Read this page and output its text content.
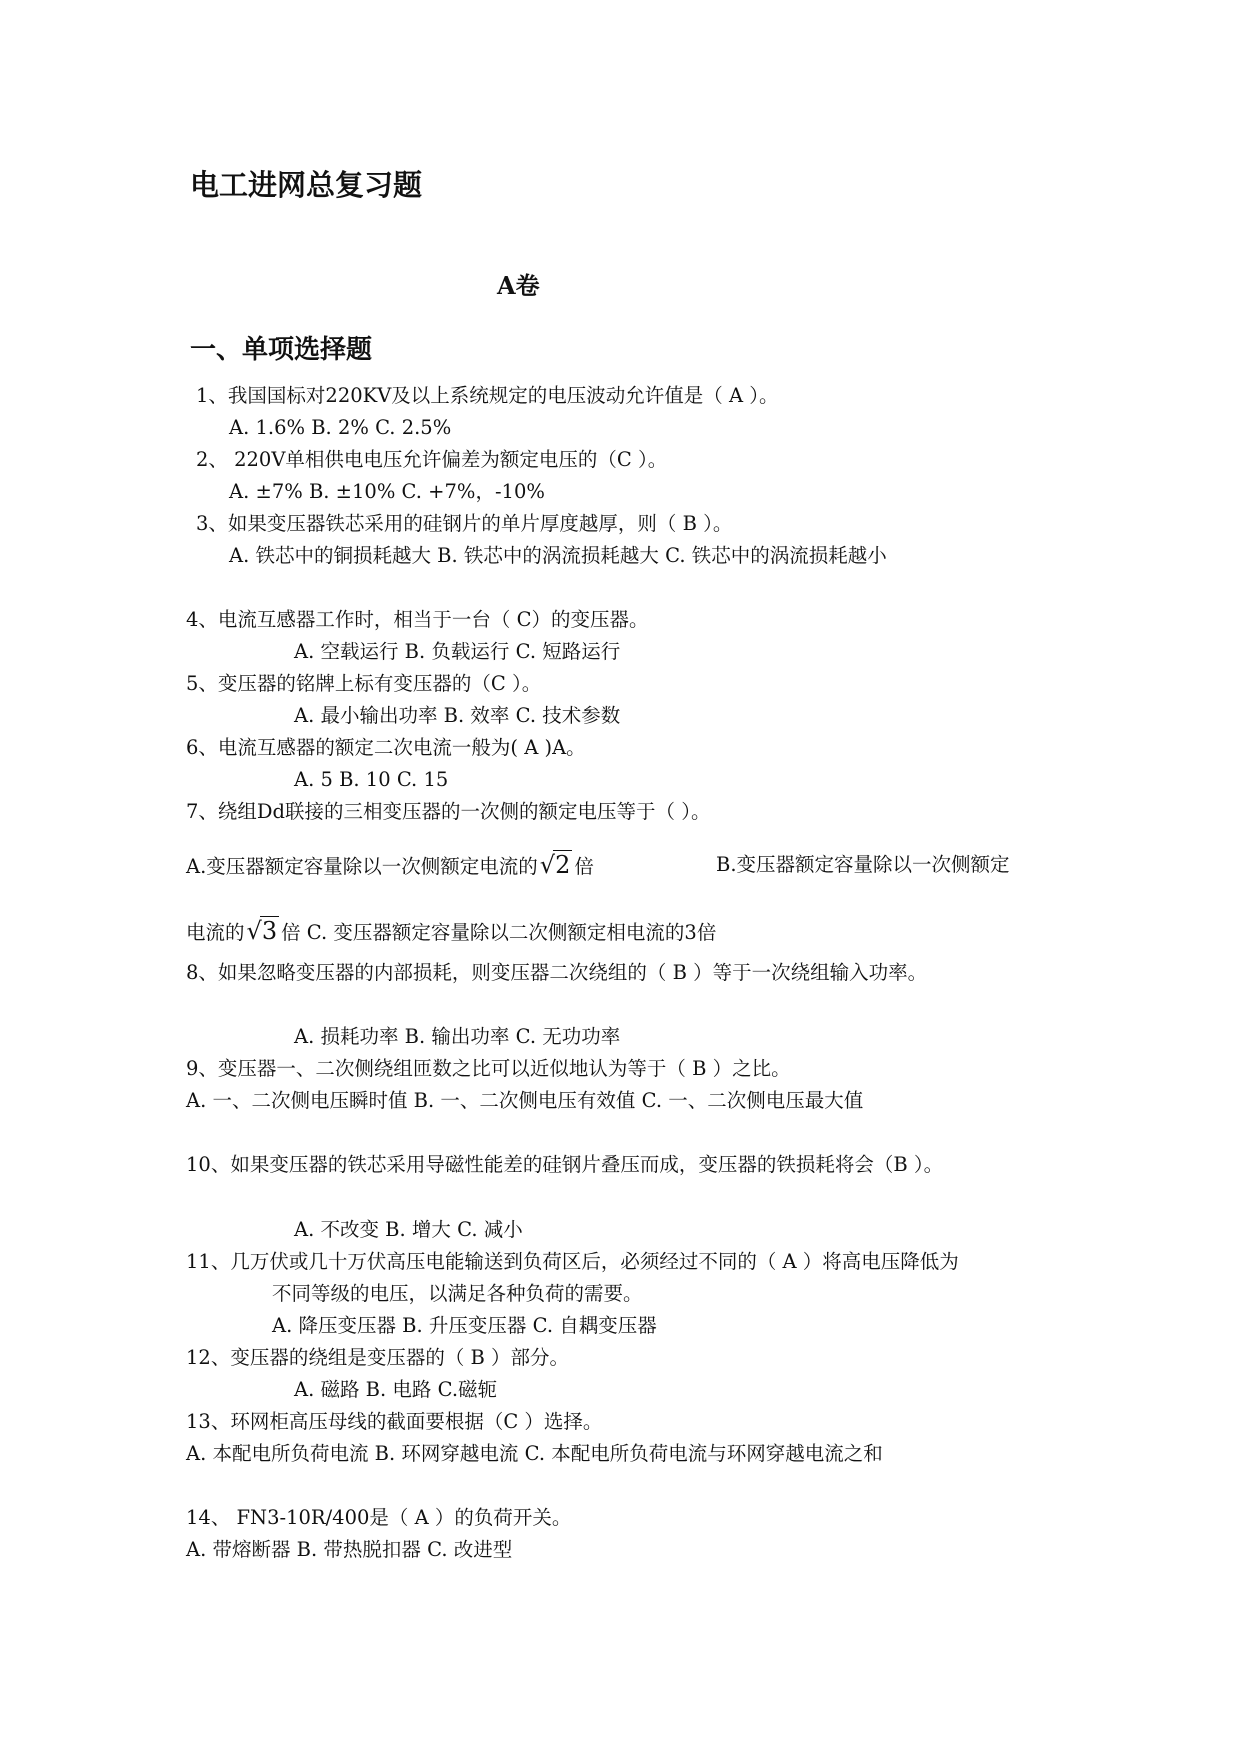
电工进网总复习题
A卷
一、单项选择题
1、我国国标对220KV及以上系统规定的电压波动允许值是（ A ）。
A. 1.6% B. 2% C. 2.5%
2、 220V单相供电电压允许偏差为额定电压的（C ）。
A. ±7% B. ±10% C. +7%，-10%
3、如果变压器铁芯采用的硅钢片的单片厚度越厚，则（ B ）。
A. 铁芯中的铜损耗越大 B. 铁芯中的涡流损耗越大 C. 铁芯中的涡流损耗越小
4、电流互感器工作时，相当于一台（ C）的变压器。
A. 空载运行 B. 负载运行 C. 短路运行
5、变压器的铭牌上标有变压器的（C ）。
A. 最小输出功率 B. 效率 C. 技术参数
6、电流互感器的额定二次电流一般为( A )A。
A. 5 B. 10 C. 15
7、绕组Dd联接的三相变压器的一次侧的额定电压等于（ ）。
A.变压器额定容量除以一次侧额定电流的√2 倍	B.变压器额定容量除以一次侧额定
电流的√3 倍 C. 变压器额定容量除以二次侧额定相电流的3倍
8、如果忽略变压器的内部损耗，则变压器二次绕组的（ B ）等于一次绕组输入功率。
A. 损耗功率 B. 输出功率 C. 无功功率
9、变压器一、二次侧绕组匝数之比可以近似地认为等于（ B ）之比。
A. 一、二次侧电压瞬时值 B. 一、二次侧电压有效值 C. 一、二次侧电压最大值
10、如果变压器的铁芯采用导磁性能差的硅钢片叠压而成，变压器的铁损耗将会（B ）。
A. 不改变 B. 增大 C. 减小
11、几万伏或几十万伏高压电能输送到负荷区后，必须经过不同的（ A ）将高电压降低为
不同等级的电压，以满足各种负荷的需要。
A. 降压变压器 B. 升压变压器 C. 自耦变压器
12、变压器的绕组是变压器的（ B ）部分。
A. 磁路 B. 电路 C.磁轭
13、环网柜高压母线的截面要根据（C ）选择。
A. 本配电所负荷电流 B. 环网穿越电流 C. 本配电所负荷电流与环网穿越电流之和
14、 FN3-10R/400是（ A ）的负荷开关。
A. 带熔断器 B. 带热脱扣器 C. 改进型
